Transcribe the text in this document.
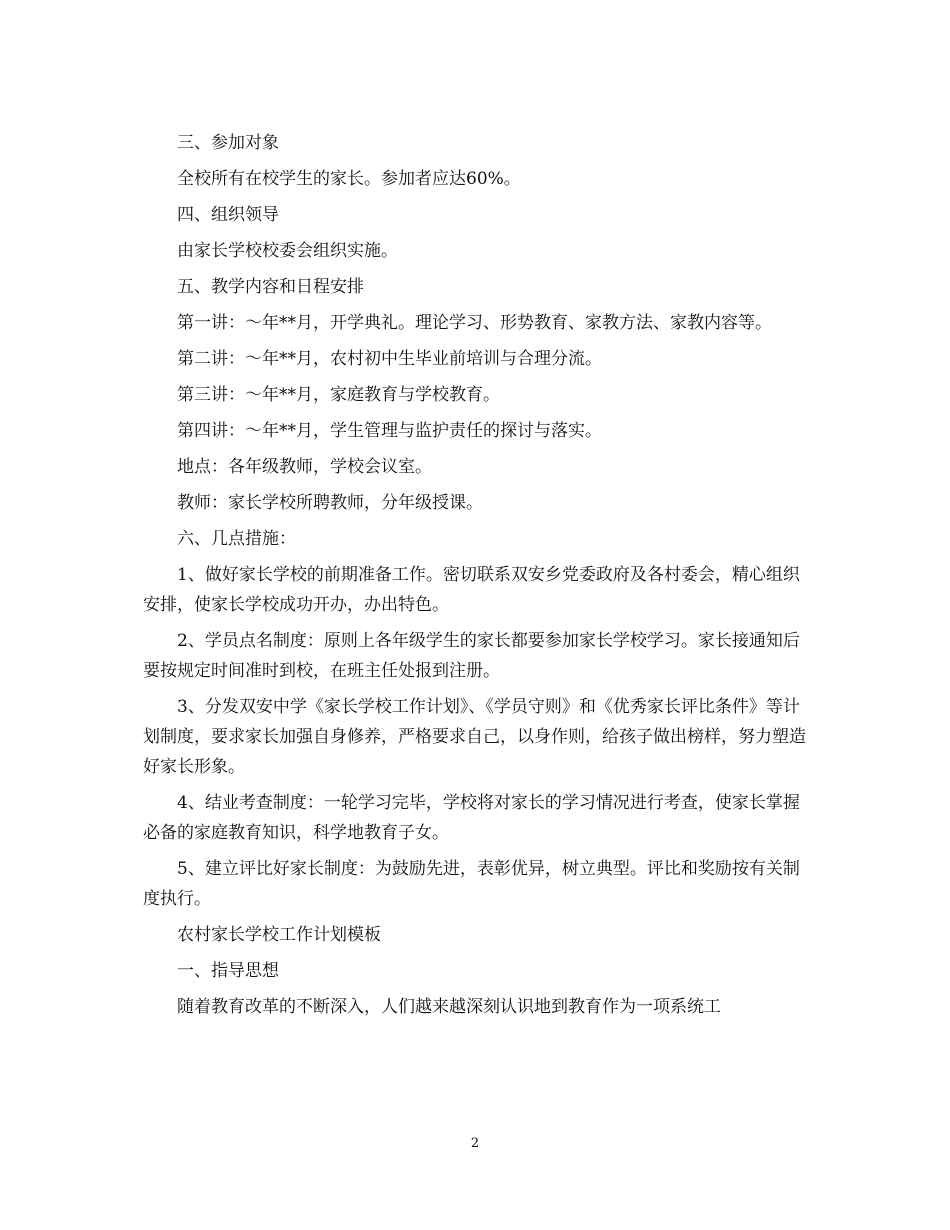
三、参加对象

全校所有在校学生的家长。参加者应达60%。

四、组织领导

由家长学校校委会组织实施。

五、教学内容和日程安排

第一讲：～年**月，开学典礼。理论学习、形势教育、家教方法、家教内容等。

第二讲：～年**月，农村初中生毕业前培训与合理分流。

第三讲：～年**月，家庭教育与学校教育。

第四讲：～年**月，学生管理与监护责任的探讨与落实。

地点：各年级教师，学校会议室。

教师：家长学校所聘教师，分年级授课。

六、几点措施：

1、做好家长学校的前期准备工作。密切联系双安乡党委政府及各村委会，精心组织安排，使家长学校成功开办，办出特色。

2、学员点名制度：原则上各年级学生的家长都要参加家长学校学习。家长接通知后要按规定时间准时到校，在班主任处报到注册。

3、分发双安中学《家长学校工作计划》、《学员守则》和《优秀家长评比条件》等计划制度，要求家长加强自身修养，严格要求自己，以身作则，给孩子做出榜样，努力塑造好家长形象。

4、结业考查制度：一轮学习完毕，学校将对家长的学习情况进行考查，使家长掌握必备的家庭教育知识，科学地教育子女。

5、建立评比好家长制度：为鼓励先进，表彰优异，树立典型。评比和奖励按有关制度执行。

农村家长学校工作计划模板

一、指导思想

随着教育改革的不断深入，人们越来越深刻认识地到教育作为一项系统工

2
